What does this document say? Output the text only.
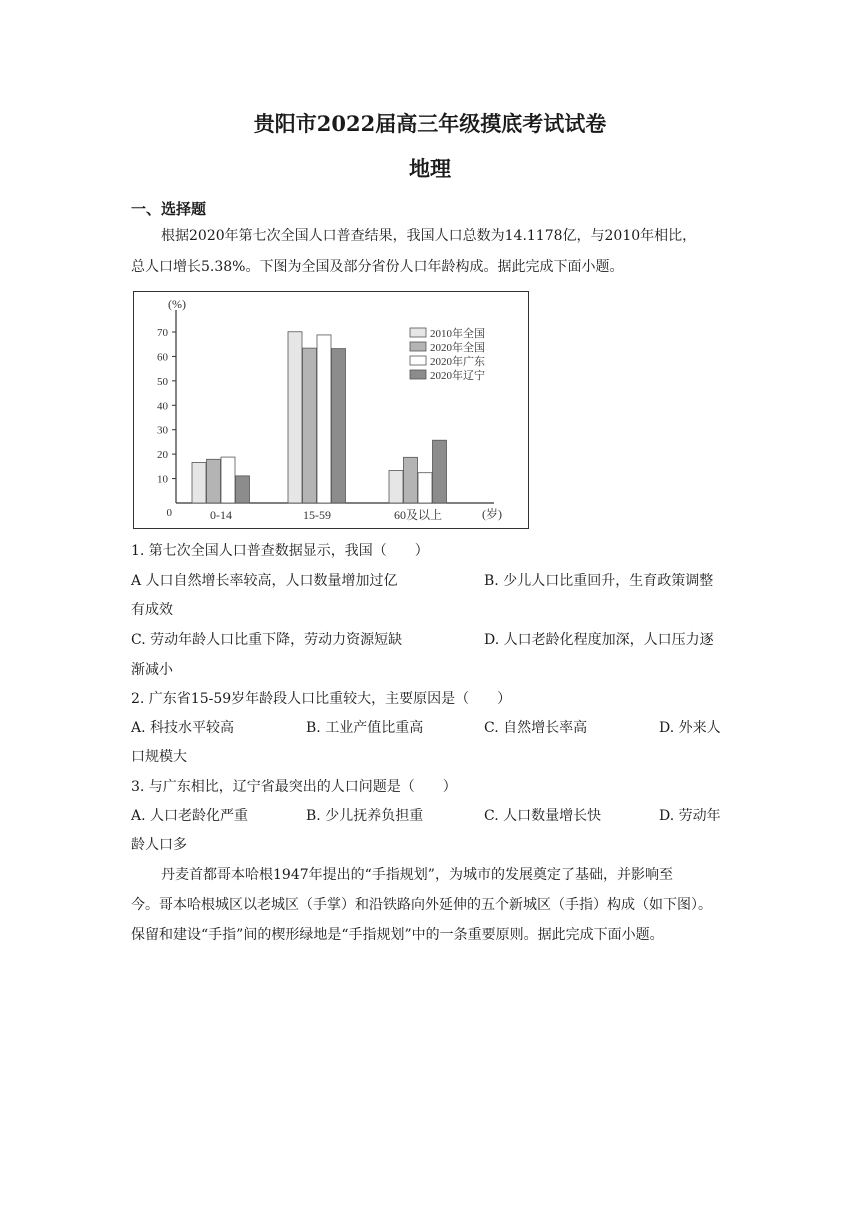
贵阳市2022届高三年级摸底考试试卷
地理
一、选择题
根据2020年第七次全国人口普查结果，我国人口总数为14.1178亿，与2010年相比，
总人口增长5.38%。下图为全国及部分省份人口年龄构成。据此完成下面小题。
(%)
(岁)
0
10
20
30
40
50
60
70
0-14	15-59	60及以上
2010年全国
2020年全国
2020年广东
2020年辽宁
1. 第七次全国人口普查数据显示，我国（　　）
A 人口自然增长率较高，人口数量增加过亿	B. 少儿人口比重回升，生育政策调整
有成效
C. 劳动年龄人口比重下降，劳动力资源短缺	D. 人口老龄化程度加深，人口压力逐
渐减小
2. 广东省15-59岁年龄段人口比重较大，主要原因是（　　）
A. 科技水平较高	B. 工业产值比重高	C. 自然增长率高	D. 外来人
口规模大
3. 与广东相比，辽宁省最突出的人口问题是（　　）
A. 人口老龄化严重	B. 少儿抚养负担重	C. 人口数量增长快	D. 劳动年
龄人口多
丹麦首都哥本哈根1947年提出的“手指规划”，为城市的发展奠定了基础，并影响至
今。哥本哈根城区以老城区（手掌）和沿铁路向外延伸的五个新城区（手指）构成（如下图）。
保留和建设“手指”间的楔形绿地是“手指规划”中的一条重要原则。据此完成下面小题。
